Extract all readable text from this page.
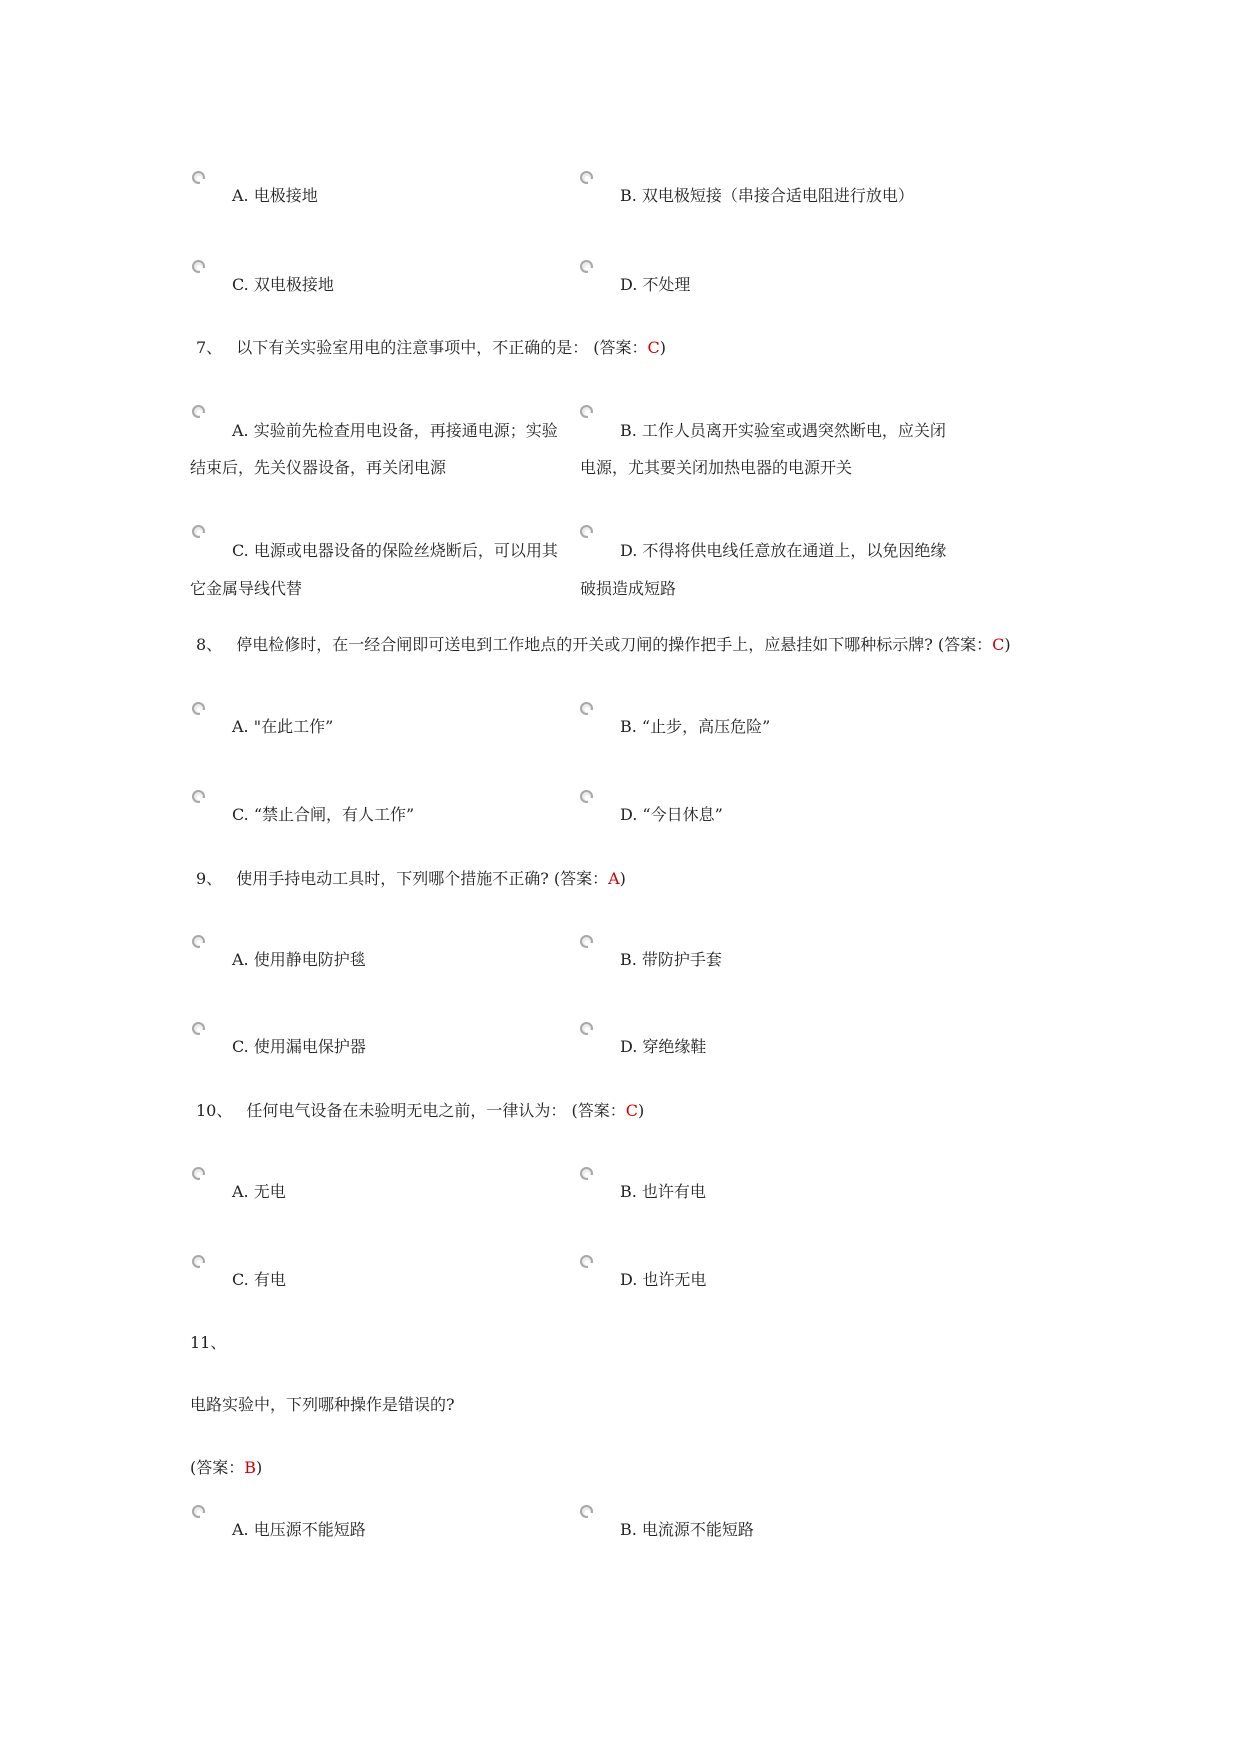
A. 电极接地	B. 双电极短接（串接合适电阻进行放电）
C. 双电极接地	D. 不处理
7、 以下有关实验室用电的注意事项中，不正确的是： (答案：C)
A. 实验前先检查用电设备，再接通电源；实验
结束后，先关仪器设备，再关闭电源
B. 工作人员离开实验室或遇突然断电，应关闭
电源，尤其要关闭加热电器的电源开关
C. 电源或电器设备的保险丝烧断后，可以用其
它金属导线代替
D. 不得将供电线任意放在通道上，以免因绝缘
破损造成短路
8、 停电检修时，在一经合闸即可送电到工作地点的开关或刀闸的操作把手上，应悬挂如下哪种标示牌? (答案：C)
A. "在此工作”	B. “止步，高压危险”
C. “禁止合闸，有人工作”	D. “今日休息”
9、 使用手持电动工具时，下列哪个措施不正确? (答案：A)
A. 使用静电防护毯	B. 带防护手套
C. 使用漏电保护器	D. 穿绝缘鞋
10、 任何电气设备在未验明无电之前，一律认为： (答案：C)
A. 无电	B. 也许有电
C. 有电	D. 也许无电
11、
电路实验中，下列哪种操作是错误的?
(答案：B)
A. 电压源不能短路	B. 电流源不能短路
